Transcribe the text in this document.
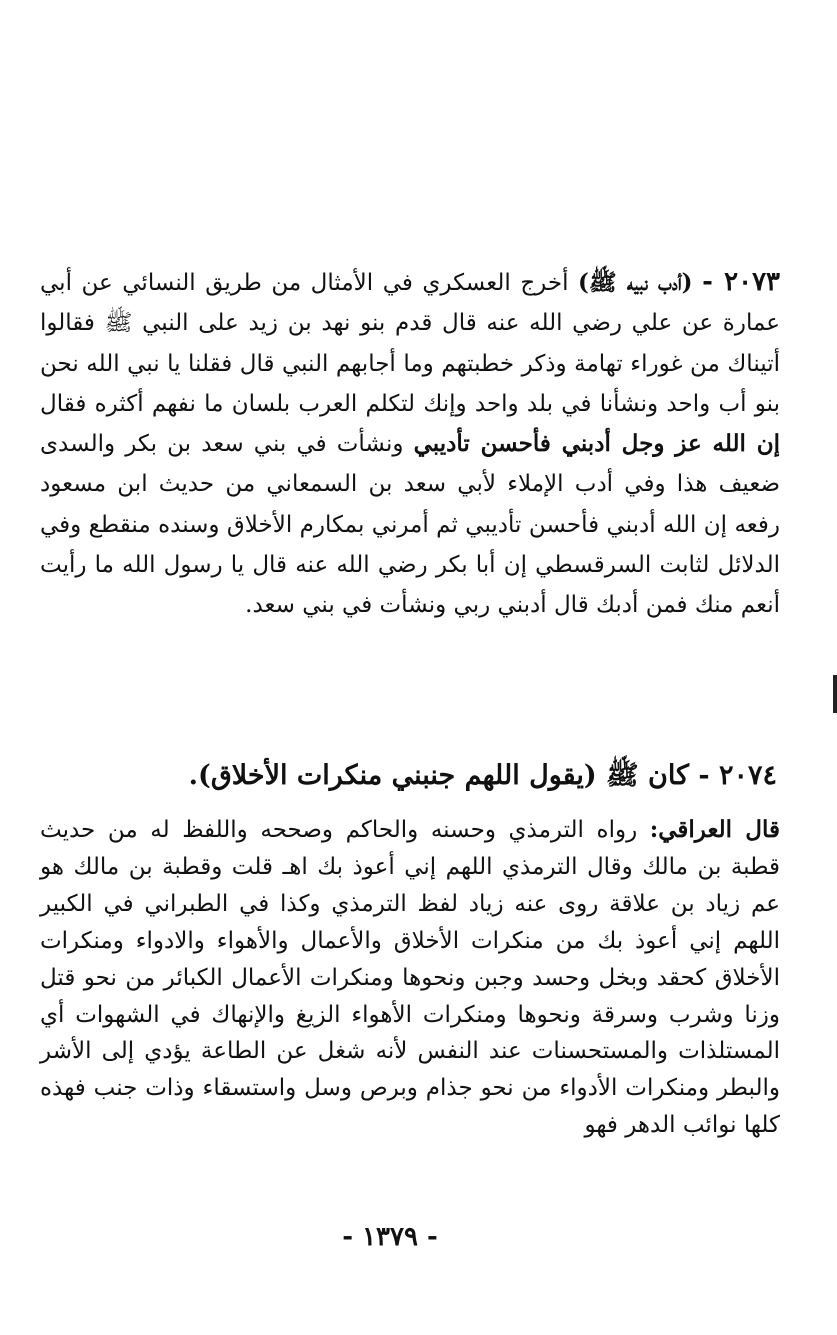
٢٠٧٣ - (أدب نبيه ﷺ) أخرج العسكري في الأمثال من طريق النسائي عن أبي عمارة عن علي رضي الله عنه قال قدم بنو نهد بن زيد على النبي ﷺ فقالوا أتيناك من غوراء تهامة وذكر خطبتهم وما أجابهم النبي قال فقلنا يا نبي الله نحن بنو أب واحد ونشأنا في بلد واحد وإنك لتكلم العرب بلسان ما نفهم أكثره فقال إن الله عز وجل أدبني فأحسن تأديبي ونشأت في بني سعد بن بكر والسدى ضعيف هذا وفي أدب الإملاء لأبي سعد بن السمعاني من حديث ابن مسعود رفعه إن الله أدبني فأحسن تأديبي ثم أمرني بمكارم الأخلاق وسنده منقطع وفي الدلائل لثابت السرقسطي إن أبا بكر رضي الله عنه قال يا رسول الله ما رأيت أنعم منك فمن أدبك قال أدبني ربي ونشأت في بني سعد.
٢٠٧٤ - كان ﷺ (يقول اللهم جنبني منكرات الأخلاق).
قال العراقي: رواه الترمذي وحسنه والحاكم وصححه واللفظ له من حديث قطبة بن مالك وقال الترمذي اللهم إني أعوذ بك اهـ قلت وقطبة بن مالك هو عم زياد بن علاقة روى عنه زياد لفظ الترمذي وكذا في الطبراني في الكبير اللهم إني أعوذ بك من منكرات الأخلاق والأعمال والأهواء والادواء ومنكرات الأخلاق كحقد وبخل وحسد وجبن ونحوها ومنكرات الأعمال الكبائر من نحو قتل وزنا وشرب وسرقة ونحوها ومنكرات الأهواء الزيغ والإنهاك في الشهوات أي المستلذات والمستحسنات عند النفس لأنه شغل عن الطاعة يؤدي إلى الأشر والبطر ومنكرات الأدواء من نحو جذام وبرص وسل واستسقاء وذات جنب فهذه كلها نوائب الدهر فهو
- ١٣٧٩ -
